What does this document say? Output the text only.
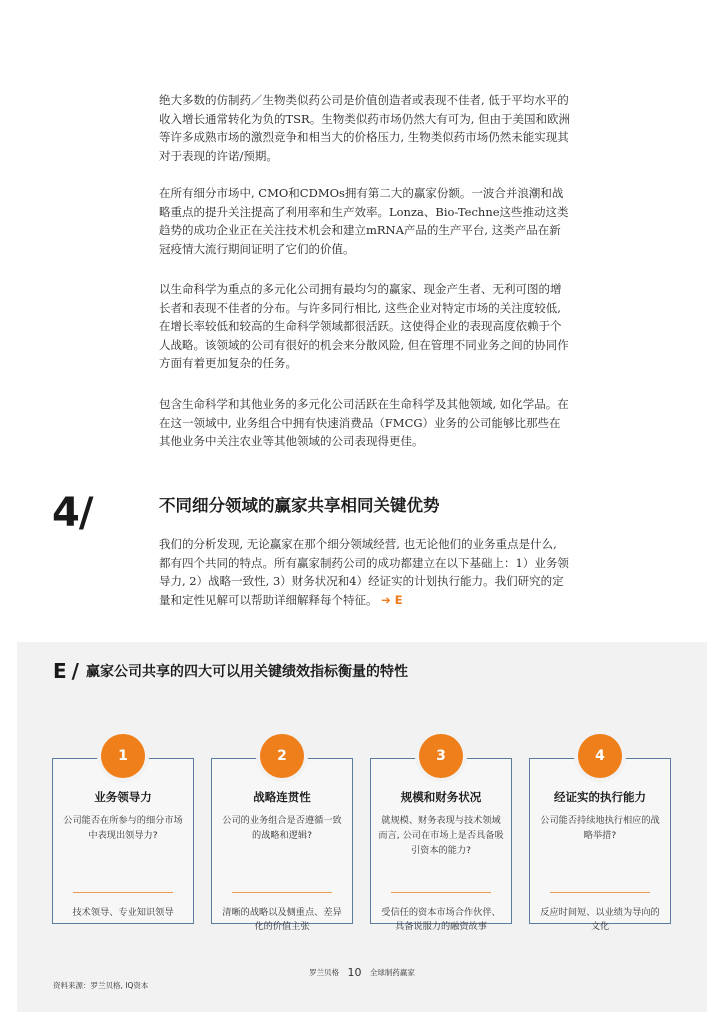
绝大多数的仿制药／生物类似药公司是价值创造者或表现不佳者, 低于平均水平的收入增长通常转化为负的TSR。生物类似药市场仍然大有可为, 但由于美国和欧洲等许多成熟市场的激烈竞争和相当大的价格压力, 生物类似药市场仍然未能实现其对于表现的许诺/预期。

在所有细分市场中, CMO和CDMOs拥有第二大的赢家份额。一波合并浪潮和战略重点的提升关注提高了利用率和生产效率。Lonza、Bio-Techne这些推动这类趋势的成功企业正在关注技术机会和建立mRNA产品的生产平台, 这类产品在新冠疫情大流行期间证明了它们的价值。

以生命科学为重点的多元化公司拥有最均匀的赢家、现金产生者、无利可图的增长者和表现不佳者的分布。与许多同行相比, 这些企业对特定市场的关注度较低, 在增长率较低和较高的生命科学领域都很活跃。这使得企业的表现高度依赖于个人战略。该领域的公司有很好的机会来分散风险, 但在管理不同业务之间的协同作方面有着更加复杂的任务。

包含生命科学和其他业务的多元化公司活跃在生命科学及其他领域, 如化学品。在在这一领域中, 业务组合中拥有快速消费品（FMCG）业务的公司能够比那些在其他业务中关注农业等其他领域的公司表现得更佳。

4/	不同细分领域的赢家共享相同关键优势

我们的分析发现, 无论赢家在那个细分领域经营, 也无论他们的业务重点是什么, 都有四个共同的特点。所有赢家制药公司的成功都建立在以下基础上：1）业务领导力, 2）战略一致性, 3）财务状况和4）经证实的计划执行能力。我们研究的定量和定性见解可以帮助详细解释每个特征。 ➔ E

E / 赢家公司共享的四大可以用关键绩效指标衡量的特性
业务领导力
公司能否在所参与的细分市场中表现出领导力?
技术领导、专业知识领导
1
战略连贯性
公司的业务组合是否遵循一致的战略和逻辑?
清晰的战略以及侧重点、差异化的价值主张
2
规模和财务状况
就规模、财务表现与技术领域而言, 公司在市场上是否具备吸引资本的能力?
受信任的资本市场合作伙伴、具备说服力的融资故事
3
经证实的执行能力
公司能否持续地执行相应的战略举措?
反应时间短、以业绩为导向的文化
4
罗兰贝格 10 全球制药赢家
资料来源：罗兰贝格, IQ资本
